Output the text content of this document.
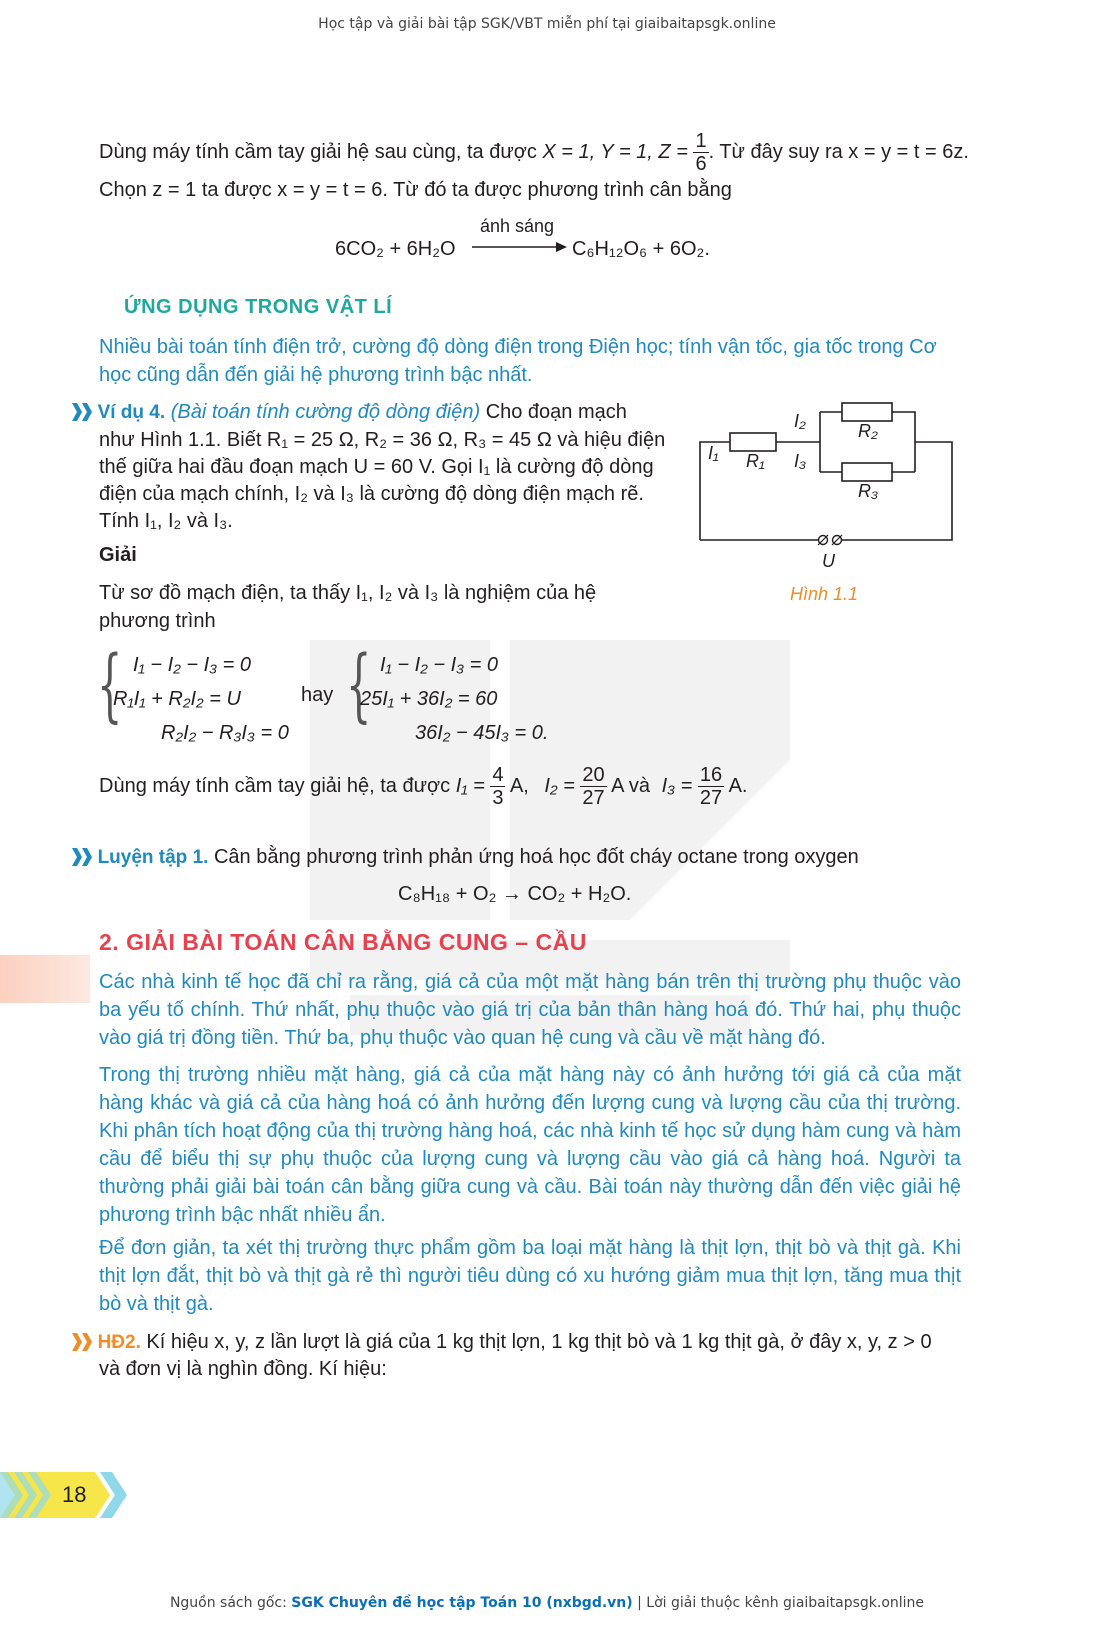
Học tập và giải bài tập SGK/VBT miễn phí tại giaibaitapsgk.online
Dùng máy tính cầm tay giải hệ sau cùng, ta được X = 1, Y = 1, $Z = \frac{1}{6}$ . Từ đây suy ra x = y = t = 6z.
Chọn z = 1 ta được x = y = t = 6. Từ đó ta được phương trình cân bằng
6CO₂ + 6H₂O
ánh sáng
C₆H₁₂O₆ + 6O₂.
ỨNG DỤNG TRONG VẬT LÍ
Nhiều bài toán tính điện trở, cường độ dòng điện trong Điện học; tính vận tốc, gia tốc trong Cơ học cũng dẫn đến giải hệ phương trình bậc nhất.
Ví dụ 4. (Bài toán tính cường độ dòng điện) Cho đoạn mạch
như Hình 1.1. Biết R₁ = 25 Ω, R₂ = 36 Ω, R₃ = 45 Ω và hiệu điện
thế giữa hai đầu đoạn mạch U = 60 V. Gọi I₁ là cường độ dòng
điện của mạch chính, I₂ và I₃ là cường độ dòng điện mạch rẽ.
Tính I₁, I₂ và I₃.
Giải
Từ sơ đồ mạch điện, ta thấy I₁, I₂ và I₃ là nghiệm của hệ
phương trình
I₂	R₂
I₁ R₁ I₃
R₃
U
Hình 1.1
{ I₁ − I₂ − I₃ = 0
R₁I₁ + R₂I₂ = U
R₂I₂ − R₃I₃ = 0
hay { I₁ − I₂ − I₃ = 0
25I₁ + 36I₂ = 60
36I₂ − 45I₃ = 0.
Dùng máy tính cầm tay giải hệ, ta được $I_1 = \frac{4}{3} A$, $I_2 = \frac{20}{27}$ A và $I_3 = \frac{16}{27} A$.
Luyện tập 1. Cân bằng phương trình phản ứng hoá học đốt cháy octane trong oxygen
C₈H₁₈ + O₂ → CO₂ + H₂O.
2. GIẢI BÀI TOÁN CÂN BẰNG CUNG – CẦU
Các nhà kinh tế học đã chỉ ra rằng, giá cả của một mặt hàng bán trên thị trường phụ thuộc vào ba yếu tố chính. Thứ nhất, phụ thuộc vào giá trị của bản thân hàng hoá đó. Thứ hai, phụ thuộc vào giá trị đồng tiền. Thứ ba, phụ thuộc vào quan hệ cung và cầu về mặt hàng đó.
Trong thị trường nhiều mặt hàng, giá cả của mặt hàng này có ảnh hưởng tới giá cả của mặt hàng khác và giá cả của hàng hoá có ảnh hưởng đến lượng cung và lượng cầu của thị trường. Khi phân tích hoạt động của thị trường hàng hoá, các nhà kinh tế học sử dụng hàm cung và hàm cầu để biểu thị sự phụ thuộc của lượng cung và lượng cầu vào giá cả hàng hoá. Người ta thường phải giải bài toán cân bằng giữa cung và cầu. Bài toán này thường dẫn đến việc giải hệ phương trình bậc nhất nhiều ẩn.
Để đơn giản, ta xét thị trường thực phẩm gồm ba loại mặt hàng là thịt lợn, thịt bò và thịt gà. Khi thịt lợn đắt, thịt bò và thịt gà rẻ thì người tiêu dùng có xu hướng giảm mua thịt lợn, tăng mua thịt bò và thịt gà.
HĐ2. Kí hiệu x, y, z lần lượt là giá của 1 kg thịt lợn, 1 kg thịt bò và 1 kg thịt gà, ở đây x, y, z > 0
và đơn vị là nghìn đồng. Kí hiệu:
18
Nguồn sách gốc: SGK Chuyên đề học tập Toán 10 (nxbgd.vn) | Lời giải thuộc kênh giaibaitapsgk.online
